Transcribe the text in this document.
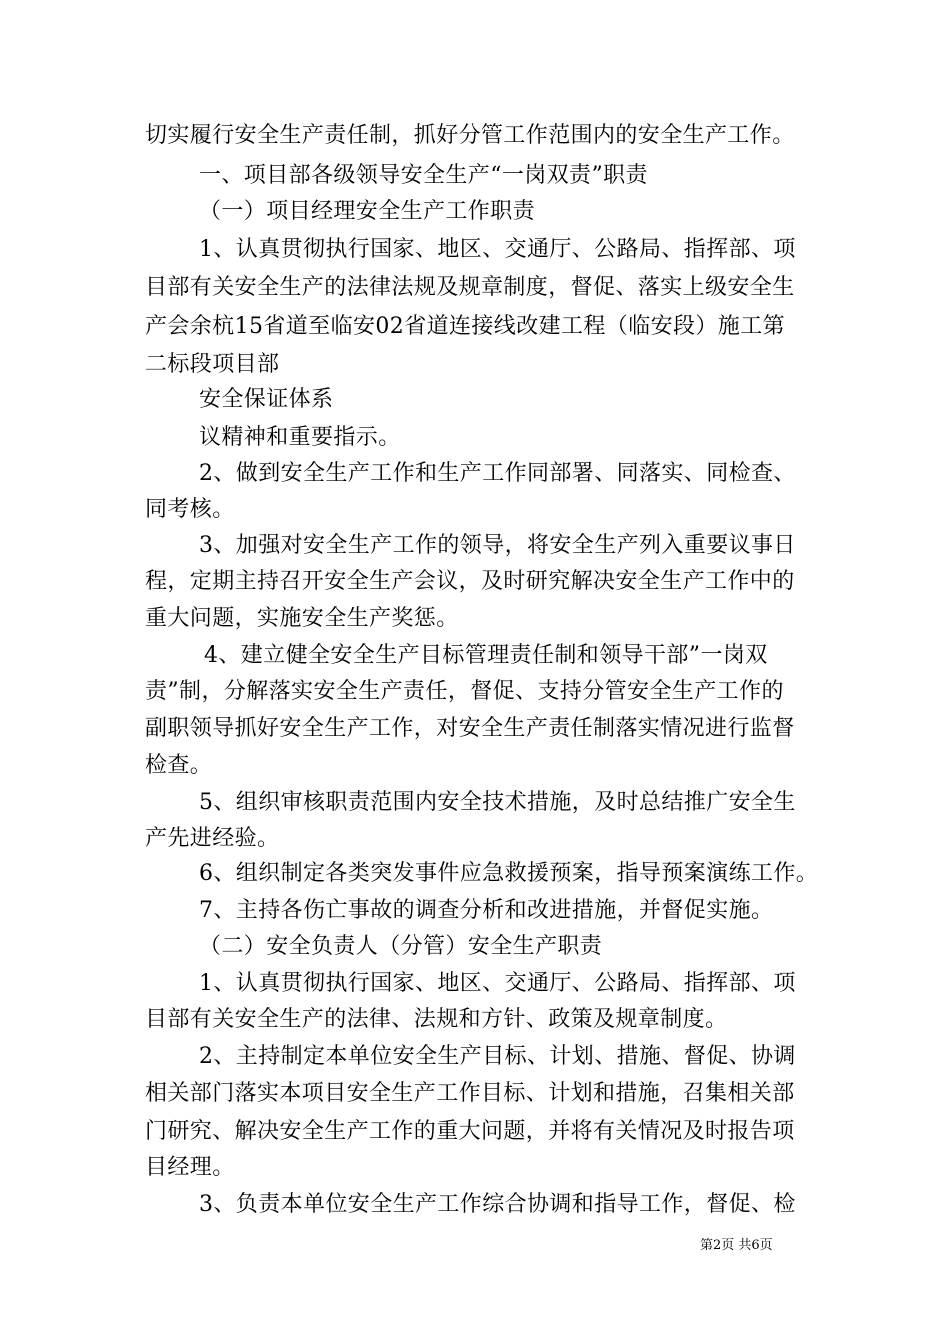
切实履行安全生产责任制，抓好分管工作范围内的安全生产工作。
一、项目部各级领导安全生产“一岗双责”职责
（一）项目经理安全生产工作职责
1、认真贯彻执行国家、地区、交通厅、公路局、指挥部、项
目部有关安全生产的法律法规及规章制度，督促、落实上级安全生
产会余杭15省道至临安02省道连接线改建工程（临安段）施工第
二标段项目部
安全保证体系
议精神和重要指示。
2、做到安全生产工作和生产工作同部署、同落实、同检查、
同考核。
3、加强对安全生产工作的领导，将安全生产列入重要议事日
程，定期主持召开安全生产会议，及时研究解决安全生产工作中的
重大问题，实施安全生产奖惩。
4、建立健全安全生产目标管理责任制和领导干部”一岗双
责”制，分解落实安全生产责任，督促、支持分管安全生产工作的
副职领导抓好安全生产工作，对安全生产责任制落实情况进行监督
检查。
5、组织审核职责范围内安全技术措施，及时总结推广安全生
产先进经验。
6、组织制定各类突发事件应急救援预案，指导预案演练工作。
7、主持各伤亡事故的调查分析和改进措施，并督促实施。
（二）安全负责人（分管）安全生产职责
1、认真贯彻执行国家、地区、交通厅、公路局、指挥部、项
目部有关安全生产的法律、法规和方针、政策及规章制度。
2、主持制定本单位安全生产目标、计划、措施、督促、协调
相关部门落实本项目安全生产工作目标、计划和措施，召集相关部
门研究、解决安全生产工作的重大问题，并将有关情况及时报告项
目经理。
3、负责本单位安全生产工作综合协调和指导工作，督促、检
第2页 共6页
